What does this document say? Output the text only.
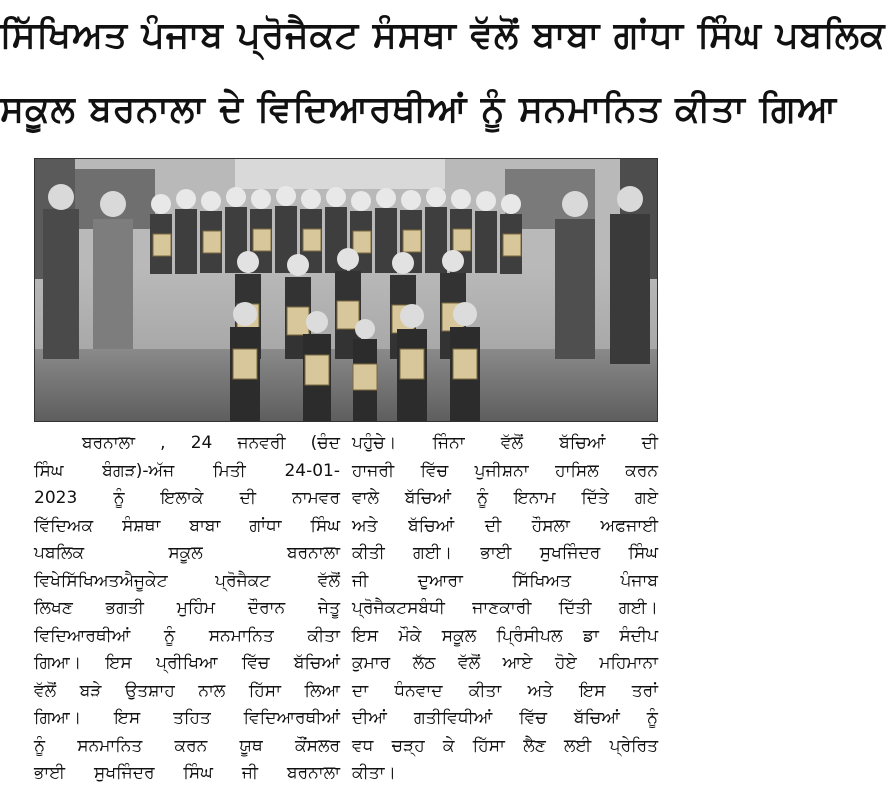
ਸਿੱਖਿਅਤ ਪੰਜਾਬ ਪ੍ਰੋਜੈਕਟ ਸੰਸਥਾ ਵੱਲੋਂ ਬਾਬਾ ਗਾਂਧਾ ਸਿੰਘ ਪਬਲਿਕ
ਸਕੂਲ ਬਰਨਾਲਾ ਦੇ ਵਿਦਿਆਰਥੀਆਂ ਨੂੰ ਸਨਮਾਨਿਤ ਕੀਤਾ ਗਿਆ
ਬਰਨਾਲਾ , 24 ਜਨਵਰੀ (ਚੰਦ
ਸਿੰਘ ਬੰਗੜ)-ਅੱਜ ਮਿਤੀ 24-01-
2023 ਨੂੰ ਇਲਾਕੇ ਦੀ ਨਾਮਵਰ
ਵਿੱਦਿਅਕ ਸੰਸ਼ਥਾ ਬਾਬਾ ਗਾਂਧਾ ਸਿੰਘ
ਪਬਲਿਕ ਸਕੂਲ ਬਰਨਾਲਾ
ਵਿਖੇਸਿੱਖਿਅਤਐਜੂਕੇਟ ਪ੍ਰੋਜੈਕਟ ਵੱਲੋਂ
ਲਿਖਣ ਭਗਤੀ ਮੁਹਿੰਮ ਦੌਰਾਨ ਜੇਤੂ
ਵਿਦਿਆਰਥੀਆਂ ਨੂੰ ਸਨਮਾਨਿਤ ਕੀਤਾ
ਗਿਆ। ਇਸ ਪ੍ਰੀਖਿਆ ਵਿੱਚ ਬੱਚਿਆਂ
ਵੱਲੋਂ ਬੜੇ ਉਤਸ਼ਾਹ ਨਾਲ ਹਿੱਸਾ ਲਿਆ
ਗਿਆ। ਇਸ ਤਹਿਤ ਵਿਦਿਆਰਥੀਆਂ
ਨੂੰ ਸਨਮਾਨਿਤ ਕਰਨ ਯੂਥ ਕੌਂਸਲਰ
ਭਾਈ ਸੁਖਜਿੰਦਰ ਸਿੰਘ ਜੀ ਬਰਨਾਲਾ
ਪਹੁੰਚੇ। ਜਿੰਨਾ ਵੱਲੋਂ ਬੱਚਿਆਂ ਦੀ
ਹਾਜਰੀ ਵਿੱਚ ਪੁਜੀਸ਼ਨਾ ਹਾਸਿਲ ਕਰਨ
ਵਾਲੇ ਬੱਚਿਆਂ ਨੂੰ ਇਨਾਮ ਦਿੱਤੇ ਗਏ
ਅਤੇ ਬੱਚਿਆਂ ਦੀ ਹੌਸਲਾ ਅਫਜਾਈ
ਕੀਤੀ ਗਈ। ਭਾਈ ਸੁਖਜਿੰਦਰ ਸਿੰਘ
ਜੀ ਦੁਆਰਾ ਸਿੱਖਿਅਤ ਪੰਜਾਬ
ਪ੍ਰੋਜੈਕਟਸਬੰਧੀ ਜਾਣਕਾਰੀ ਦਿੱਤੀ ਗਈ।
ਇਸ ਮੌਕੇ ਸਕੂਲ ਪ੍ਰਿੰਸੀਪਲ ਡਾ ਸੰਦੀਪ
ਕੁਮਾਰ ਲੱਠ ਵੱਲੋਂ ਆਏ ਹੋਏ ਮਹਿਮਾਨਾ
ਦਾ ਧੰਨਵਾਦ ਕੀਤਾ ਅਤੇ ਇਸ ਤਰਾਂ
ਦੀਆਂ ਗਤੀਵਿਧੀਆਂ ਵਿੱਚ ਬੱਚਿਆਂ ਨੂੰ
ਵਧ ਚੜ੍ਹ ਕੇ ਹਿੱਸਾ ਲੈਣ ਲਈ ਪ੍ਰੇਰਿਤ
ਕੀਤਾ।
